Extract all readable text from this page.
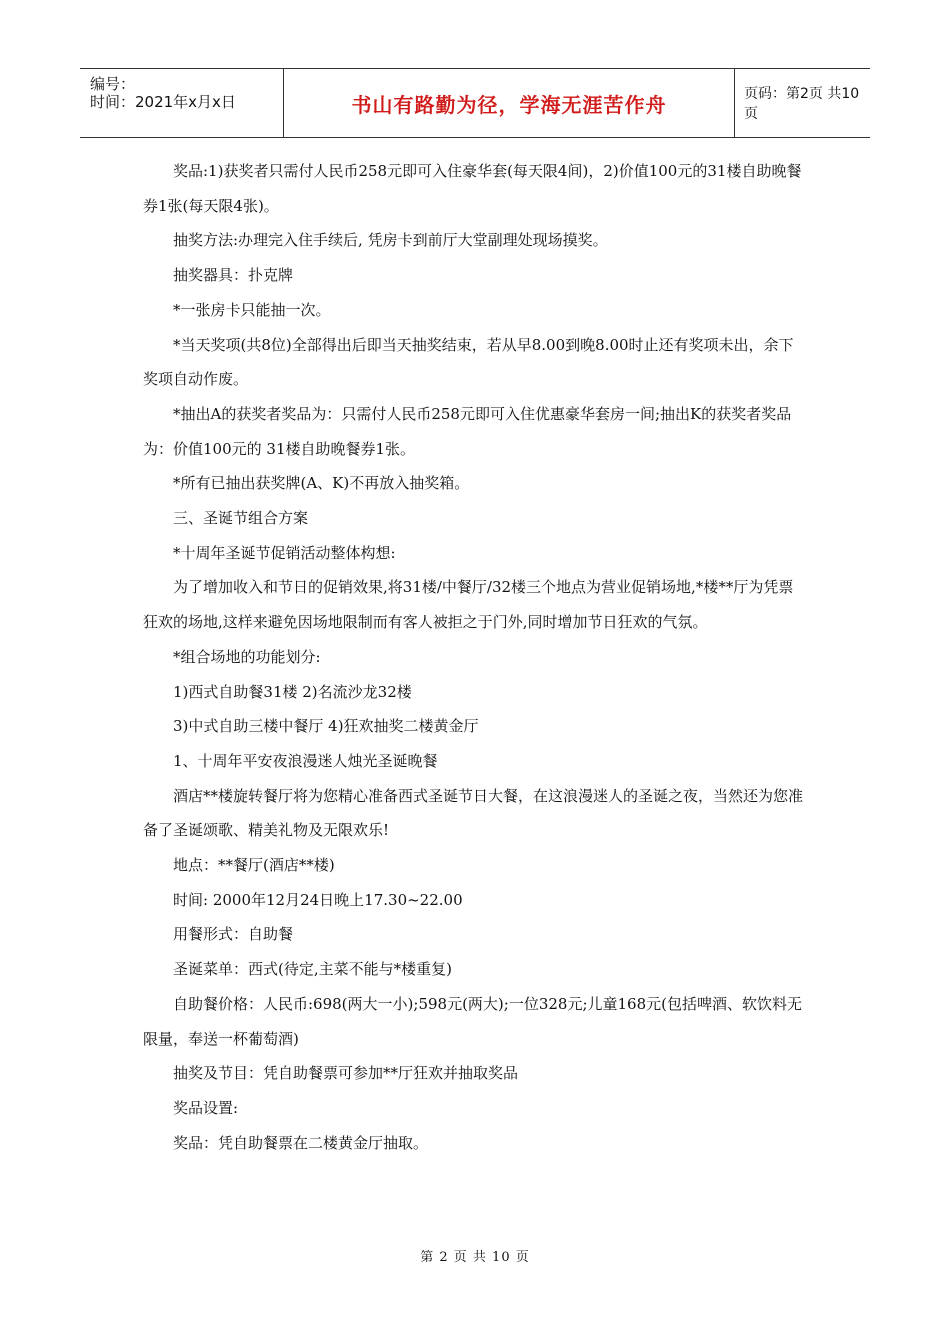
编号：
时间：2021年x月x日	书山有路勤为径，学海无涯苦作舟	页码：第2页 共10页

奖品:1)获奖者只需付人民币258元即可入住豪华套(每天限4间)，2)价值100元的31楼自助晚餐券1张(每天限4张)。

抽奖方法:办理完入住手续后, 凭房卡到前厅大堂副理处现场摸奖。

抽奖器具：扑克牌

*一张房卡只能抽一次。

*当天奖项(共8位)全部得出后即当天抽奖结束，若从早8.00到晚8.00时止还有奖项未出，余下奖项自动作废。

*抽出A的获奖者奖品为：只需付人民币258元即可入住优惠豪华套房一间;抽出K的获奖者奖品为：价值100元的 31楼自助晚餐券1张。

*所有已抽出获奖牌(A、K)不再放入抽奖箱。

三、圣诞节组合方案

*十周年圣诞节促销活动整体构想:

为了增加收入和节日的促销效果,将31楼/中餐厅/32楼三个地点为营业促销场地,*楼**厅为凭票狂欢的场地,这样来避免因场地限制而有客人被拒之于门外,同时增加节日狂欢的气氛。

*组合场地的功能划分:

1)西式自助餐31楼 2)名流沙龙32楼

3)中式自助三楼中餐厅 4)狂欢抽奖二楼黄金厅

1、十周年平安夜浪漫迷人烛光圣诞晚餐

酒店**楼旋转餐厅将为您精心准备西式圣诞节日大餐，在这浪漫迷人的圣诞之夜，当然还为您准备了圣诞颂歌、精美礼物及无限欢乐!

地点：**餐厅(酒店**楼)

时间: 2000年12月24日晚上17.30~22.00

用餐形式：自助餐

圣诞菜单：西式(待定,主菜不能与*楼重复)

自助餐价格：人民币:698(两大一小);598元(两大);一位328元;儿童168元(包括啤酒、软饮料无限量，奉送一杯葡萄酒)

抽奖及节目：凭自助餐票可参加**厅狂欢并抽取奖品

奖品设置:

奖品：凭自助餐票在二楼黄金厅抽取。

第 2 页 共 10 页
